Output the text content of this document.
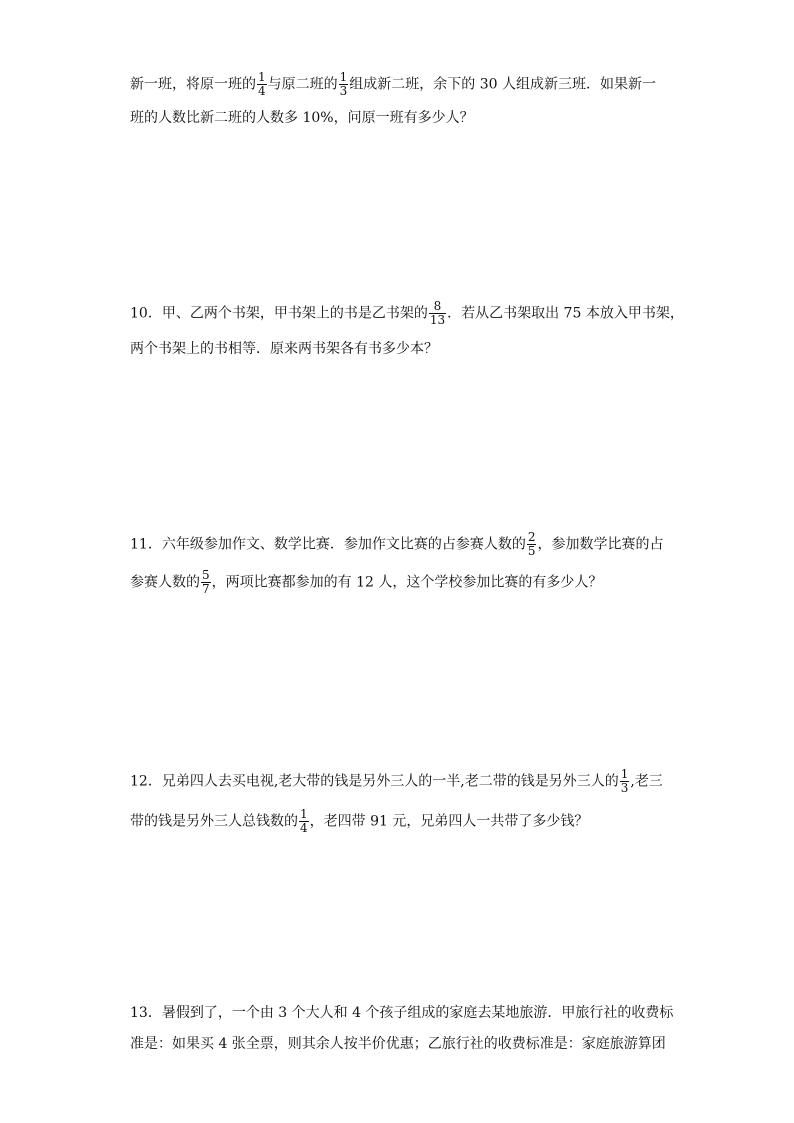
新一班，将原一班的 $\frac{1}{4}$ 与原二班的 $\frac{1}{3}$ 组成新二班，余下的 30 人组成新三班．如果新一
班的人数比新二班的人数多 10%，问原一班有多少人？
10．甲、乙两个书架，甲书架上的书是乙书架的 $\frac{8}{13}$ ．若从乙书架取出 75 本放入甲书架，
两个书架上的书相等．原来两书架各有书多少本？
11．六年级参加作文、数学比赛．参加作文比赛的占参赛人数的 $\frac{2}{5}$ ，参加数学比赛的占
参赛人数的 $\frac{5}{7}$ ，两项比赛都参加的有 12 人，这个学校参加比赛的有多少人？
12．兄弟四人去买电视,老大带的钱是另外三人的一半,老二带的钱是另外三人的 $\frac{1}{3}$ ,老三
带的钱是另外三人总钱数的 $\frac{1}{4}$ ，老四带 91 元，兄弟四人一共带了多少钱？
13．暑假到了，一个由 3 个大人和 4 个孩子组成的家庭去某地旅游．甲旅行社的收费标
准是：如果买 4 张全票，则其余人按半价优惠；乙旅行社的收费标准是：家庭旅游算团
